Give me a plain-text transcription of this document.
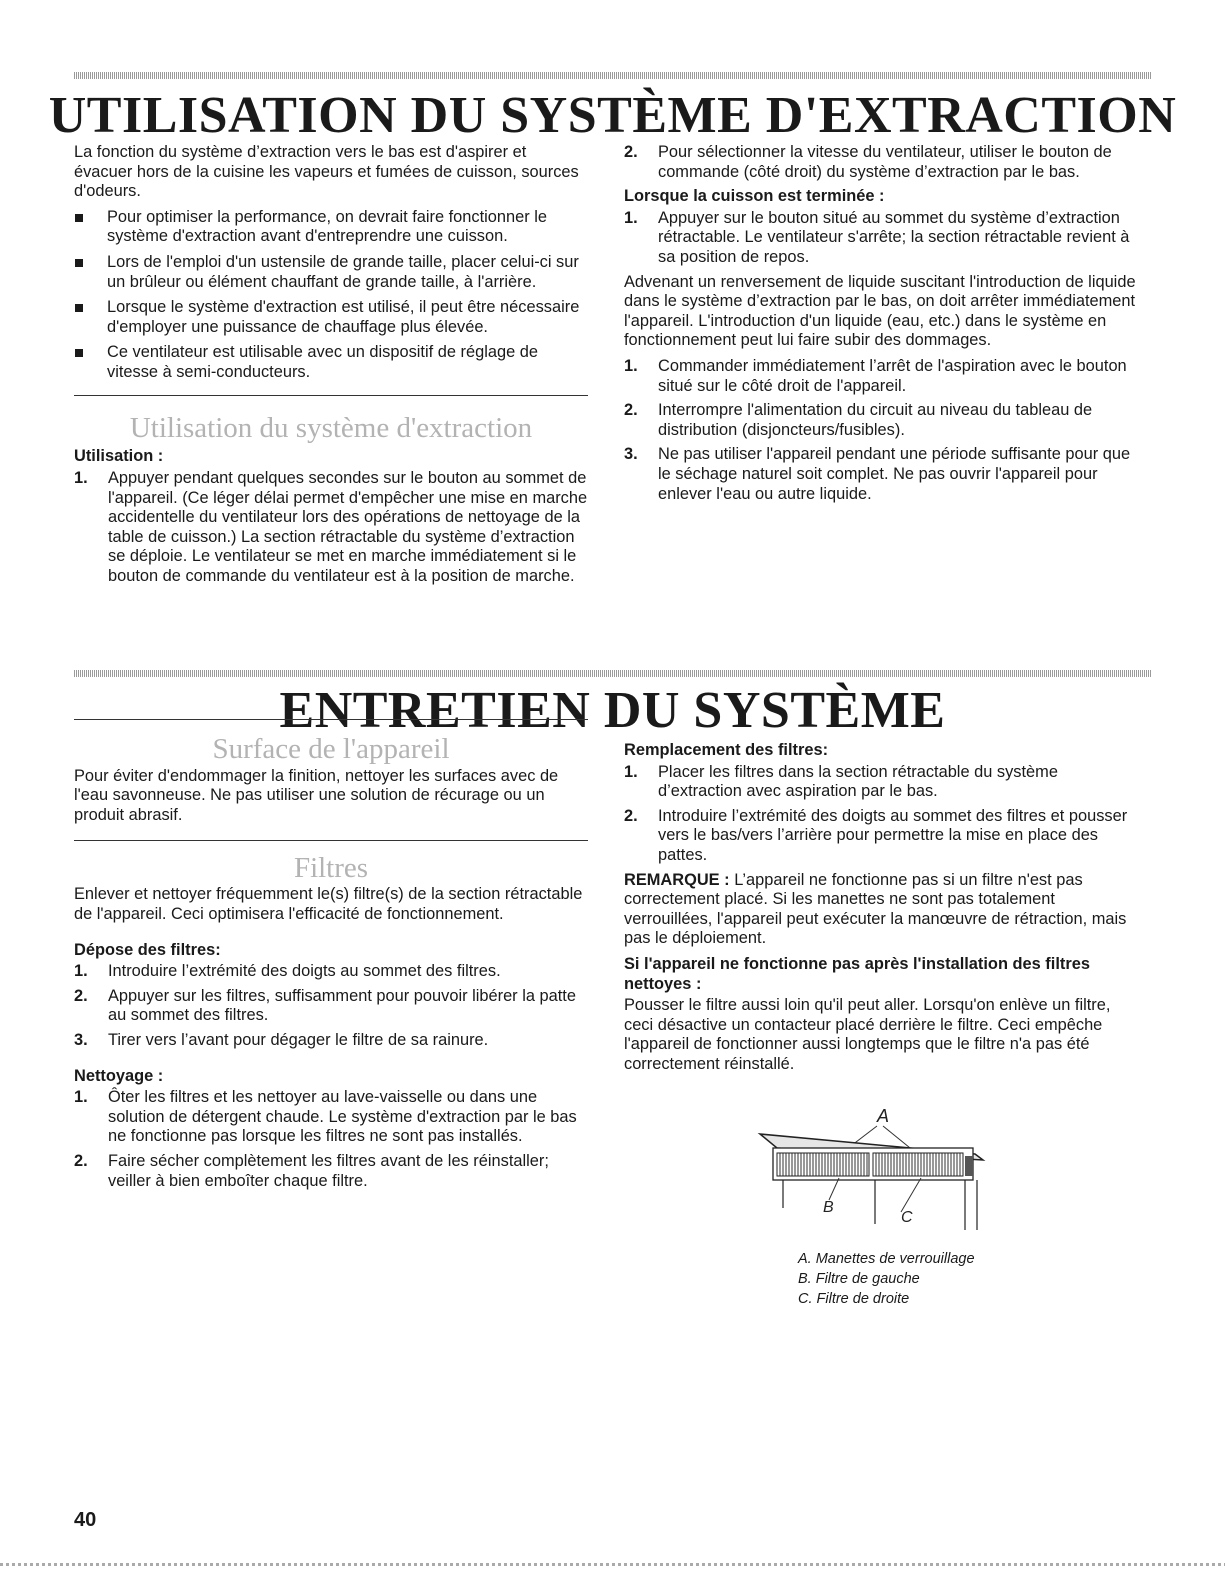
UTILISATION DU SYSTÈME D'EXTRACTION

La fonction du système d’extraction vers le bas est d'aspirer et évacuer hors de la cuisine les vapeurs et fumées de cuisson, sources d'odeurs.

Pour optimiser la performance, on devrait faire fonctionner le système d'extraction avant d'entreprendre une cuisson.
Lors de l'emploi d'un ustensile de grande taille, placer celui-ci sur un brûleur ou élément chauffant de grande taille, à l'arrière.
Lorsque le système d'extraction est utilisé, il peut être nécessaire d'employer une puissance de chauffage plus élevée.
Ce ventilateur est utilisable avec un dispositif de réglage de vitesse à semi-conducteurs.
Utilisation du système d'extraction
Utilisation :
1. Appuyer pendant quelques secondes sur le bouton au sommet de l'appareil. (Ce léger délai permet d'empêcher une mise en marche accidentelle du ventilateur lors des opérations de nettoyage de la table de cuisson.) La section rétractable du système d’extraction se déploie. Le ventilateur se met en marche immédiatement si le bouton de commande du ventilateur est à la position de marche.
2. Pour sélectionner la vitesse du ventilateur, utiliser le bouton de commande (côté droit) du système d’extraction par le bas.
Lorsque la cuisson est terminée :
1. Appuyer sur le bouton situé au sommet du système d’extraction rétractable. Le ventilateur s'arrête; la section rétractable revient à sa position de repos.

Advenant un renversement de liquide suscitant l'introduction de liquide dans le système d’extraction par le bas, on doit arrêter immédiatement l'appareil. L'introduction d'un liquide (eau, etc.) dans le système en fonctionnement peut lui faire subir des dommages.

1. Commander immédiatement l’arrêt de l'aspiration avec le bouton situé sur le côté droit de l'appareil.
2. Interrompre l'alimentation du circuit au niveau du tableau de distribution (disjoncteurs/fusibles).
3. Ne pas utiliser l'appareil pendant une période suffisante pour que le séchage naturel soit complet. Ne pas ouvrir l'appareil pour enlever l'eau ou autre liquide.
ENTRETIEN DU SYSTÈME
Surface de l'appareil

Pour éviter d'endommager la finition, nettoyer les surfaces avec de l'eau savonneuse. Ne pas utiliser une solution de récurage ou un produit abrasif.

Filtres

Enlever et nettoyer fréquemment le(s) filtre(s) de la section rétractable de l'appareil. Ceci optimisera l'efficacité de fonctionnement.

Dépose des filtres:
1. Introduire l’extrémité des doigts au sommet des filtres.
2. Appuyer sur les filtres, suffisamment pour pouvoir libérer la patte au sommet des filtres.
3. Tirer vers l’avant pour dégager le filtre de sa rainure.
Nettoyage :
1. Ôter les filtres et les nettoyer au lave-vaisselle ou dans une solution de détergent chaude. Le système d'extraction par le bas ne fonctionne pas lorsque les filtres ne sont pas installés.
2. Faire sécher complètement les filtres avant de les réinstaller; veiller à bien emboîter chaque filtre.
Remplacement des filtres:
1. Placer les filtres dans la section rétractable du système d’extraction avec aspiration par le bas.
2. Introduire l’extrémité des doigts au sommet des filtres et pousser vers le bas/vers l’arrière pour permettre la mise en place des pattes.

REMARQUE : L’appareil ne fonctionne pas si un filtre n'est pas correctement placé. Si les manettes ne sont pas totalement verrouillées, l'appareil peut exécuter la manœuvre de rétraction, mais pas le déploiement.

Si l'appareil ne fonctionne pas après l'installation des filtres nettoyes :

Pousser le filtre aussi loin qu'il peut aller. Lorsqu'on enlève un filtre, ceci désactive un contacteur placé derrière le filtre. Ceci empêche l'appareil de fonctionner aussi longtemps que le filtre n'a pas été correctement réinstallé.

A
B
C
A. Manettes de verrouillage
B. Filtre de gauche
C. Filtre de droite
40
